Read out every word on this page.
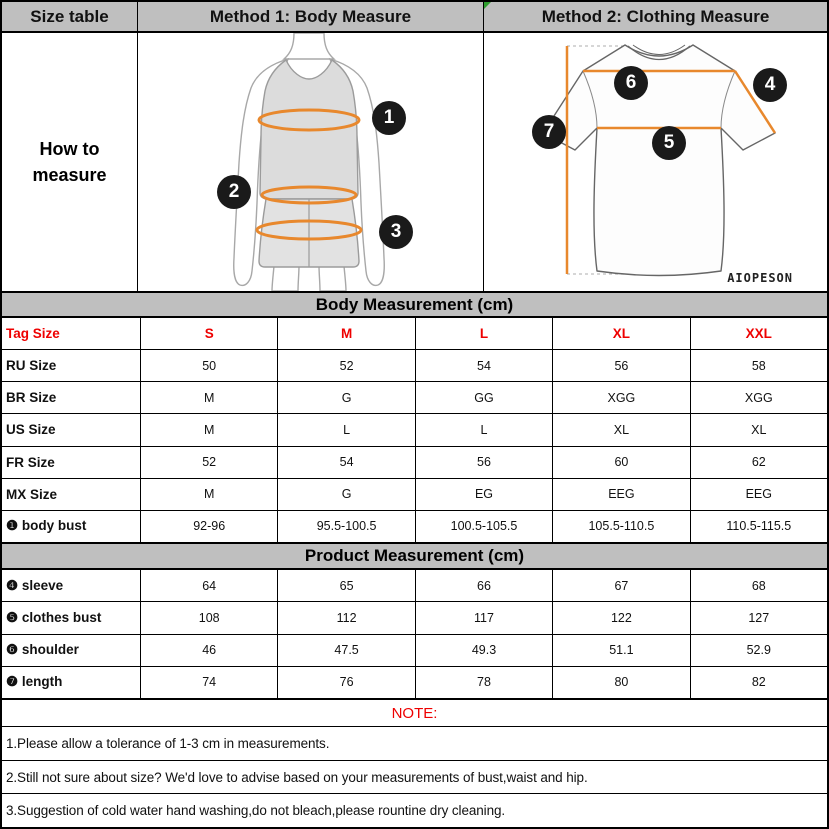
Size table	Method 1: Body Measure	Method 2: Clothing Measure
How to measure
1
2
3
7
6	4
5
AIOPESON
Body Measurement (cm)
Tag Size	S	M	L	XL	XXL
RU Size	50	52	54	56	58
BR Size	M	G	GG	XGG	XGG
US Size	M	L	L	XL	XL
FR Size	52	54	56	60	62
MX Size	M	G	EG	EEG	EEG
❶ body bust	92-96	95.5-100.5	100.5-105.5	105.5-110.5	110.5-115.5
Product Measurement (cm)
❹ sleeve	64	65	66	67	68
❺ clothes bust	108	112	117	122	127
❻ shoulder	46	47.5	49.3	51.1	52.9
❼ length	74	76	78	80	82
NOTE:
1.Please allow a tolerance of 1-3 cm in measurements.
2.Still not sure about size? We'd love to advise based on your measurements of bust,waist and hip.
3.Suggestion of cold water hand washing,do not bleach,please rountine dry cleaning.
